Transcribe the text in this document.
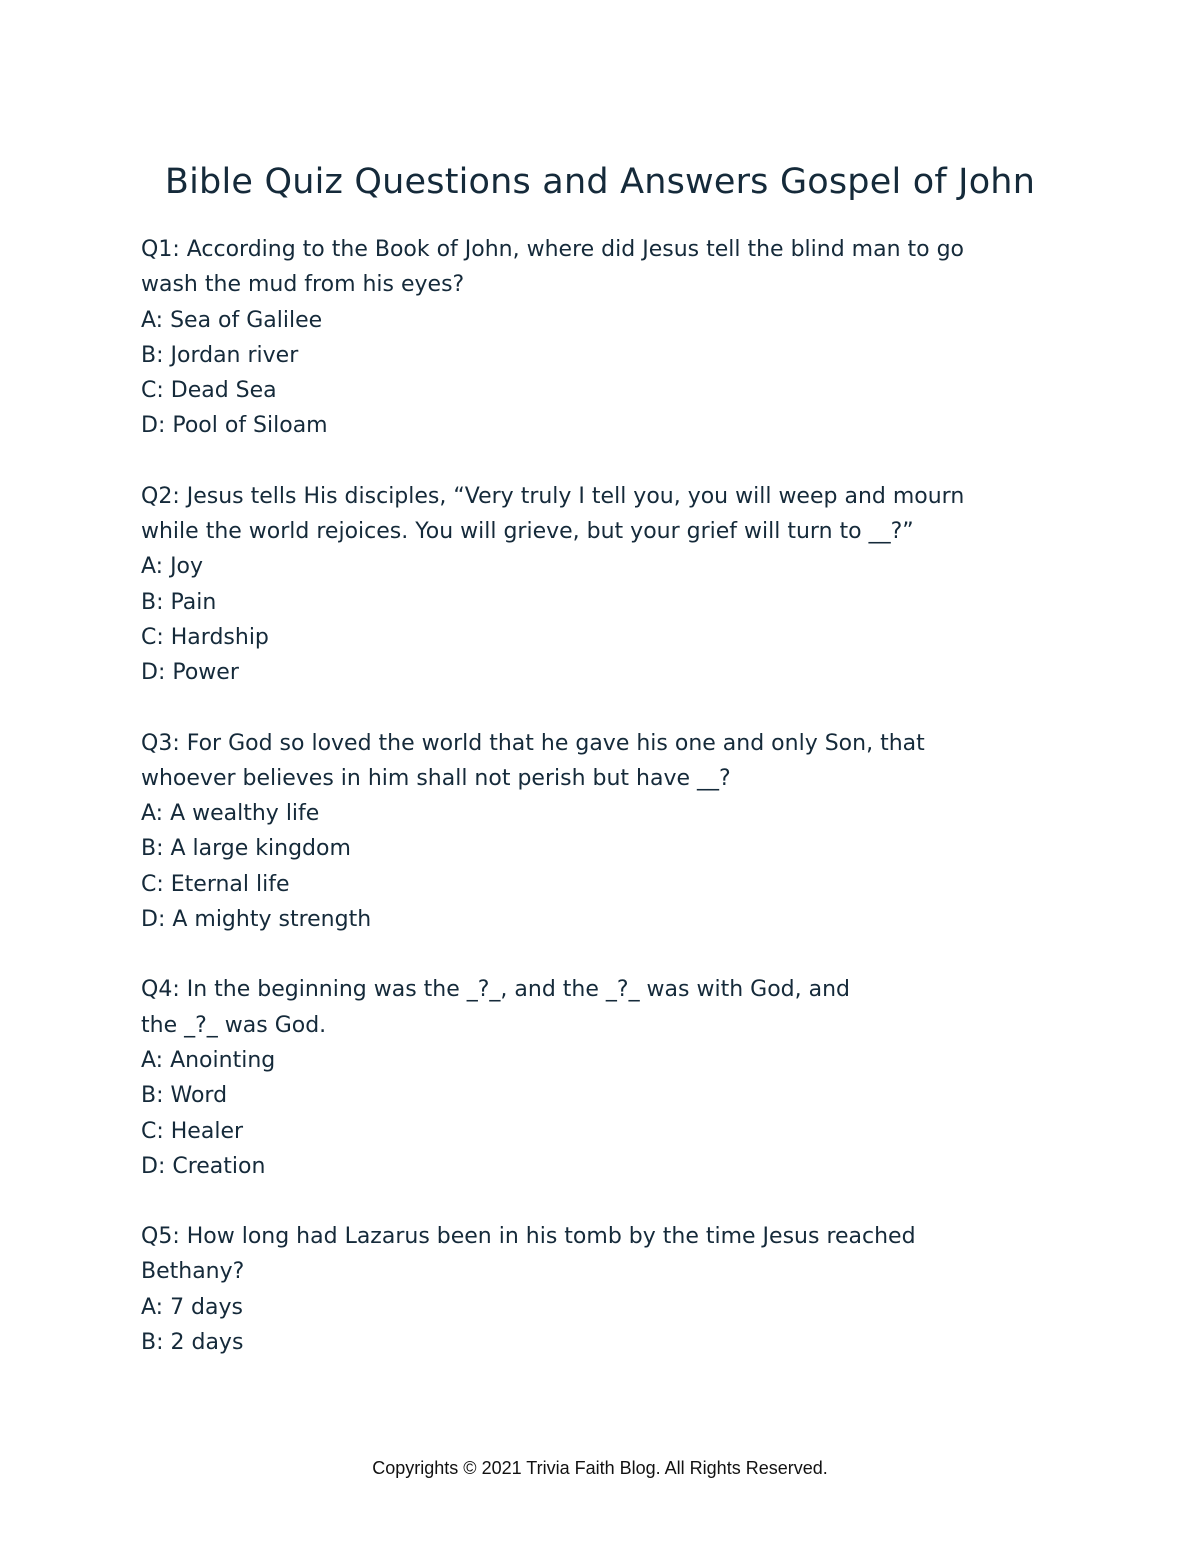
Bible Quiz Questions and Answers Gospel of John

Q1: According to the Book of John, where did Jesus tell the blind man to go

wash the mud from his eyes?

A: Sea of Galilee

B: Jordan river

C: Dead Sea

D: Pool of Siloam

Q2: Jesus tells His disciples, “Very truly I tell you, you will weep and mourn

while the world rejoices. You will grieve, but your grief will turn to __?”

A: Joy

B: Pain

C: Hardship

D: Power

Q3: For God so loved the world that he gave his one and only Son, that

whoever believes in him shall not perish but have __?

A: A wealthy life

B: A large kingdom

C: Eternal life

D: A mighty strength

Q4: In the beginning was the _?_, and the _?_ was with God, and

the _?_ was God.

A: Anointing

B: Word

C: Healer

D: Creation

Q5: How long had Lazarus been in his tomb by the time Jesus reached

Bethany?

A: 7 days

B: 2 days

Copyrights © 2021 Trivia Faith Blog. All Rights Reserved.
